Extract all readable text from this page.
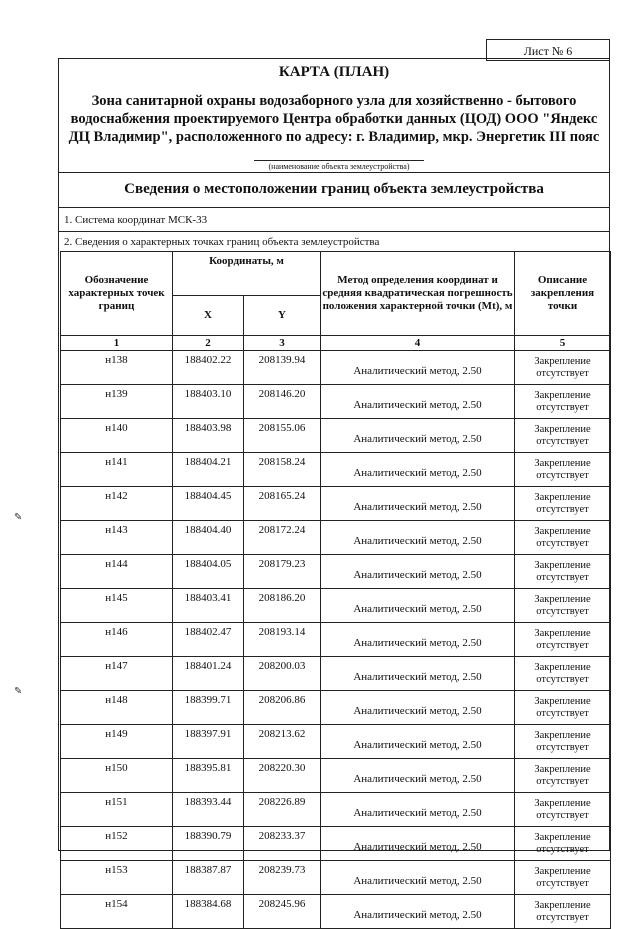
Лист № 6
КАРТА (ПЛАН)
Зона санитарной охраны водозаборного узла для хозяйственно - бытового водоснабжения проектируемого Центра обработки данных (ЦОД) ООО "Яндекс ДЦ Владимир", расположенного по адресу: г. Владимир, мкр. Энергетик III пояс
(наименование объекта землеустройства)
Сведения о местоположении границ объекта землеустройства
1. Система координат МСК-33
2. Сведения о характерных точках границ объекта землеустройства
Обозначение характерных точек границ	Координаты, м		Метод определения координат и средняя квадратическая погрешность положения характерной точки (Mt), м	Описание закрепления точки
	X	Y		
1	2	3	4	5
н138	188402.22	208139.94	Аналитический метод, 2.50	Закрепление
отсутствует

н139	188403.10	208146.20	Аналитический метод, 2.50	Закрепление
отсутствует

н140	188403.98	208155.06	Аналитический метод, 2.50	Закрепление
отсутствует

н141	188404.21	208158.24	Аналитический метод, 2.50	Закрепление
отсутствует

н142	188404.45	208165.24	Аналитический метод, 2.50	Закрепление
отсутствует

н143	188404.40	208172.24	Аналитический метод, 2.50	Закрепление
отсутствует

н144	188404.05	208179.23	Аналитический метод, 2.50	Закрепление
отсутствует

н145	188403.41	208186.20	Аналитический метод, 2.50	Закрепление
отсутствует

н146	188402.47	208193.14	Аналитический метод, 2.50	Закрепление
отсутствует

н147	188401.24	208200.03	Аналитический метод, 2.50	Закрепление
отсутствует

н148	188399.71	208206.86	Аналитический метод, 2.50	Закрепление
отсутствует

н149	188397.91	208213.62	Аналитический метод, 2.50	Закрепление
отсутствует

н150	188395.81	208220.30	Аналитический метод, 2.50	Закрепление
отсутствует

н151	188393.44	208226.89	Аналитический метод, 2.50	Закрепление
отсутствует

н152	188390.79	208233.37	Аналитический метод, 2.50	Закрепление
отсутствует

н153	188387.87	208239.73	Аналитический метод, 2.50	Закрепление
отсутствует

н154	188384.68	208245.96	Аналитический метод, 2.50	Закрепление
отсутствует
✎
✎
